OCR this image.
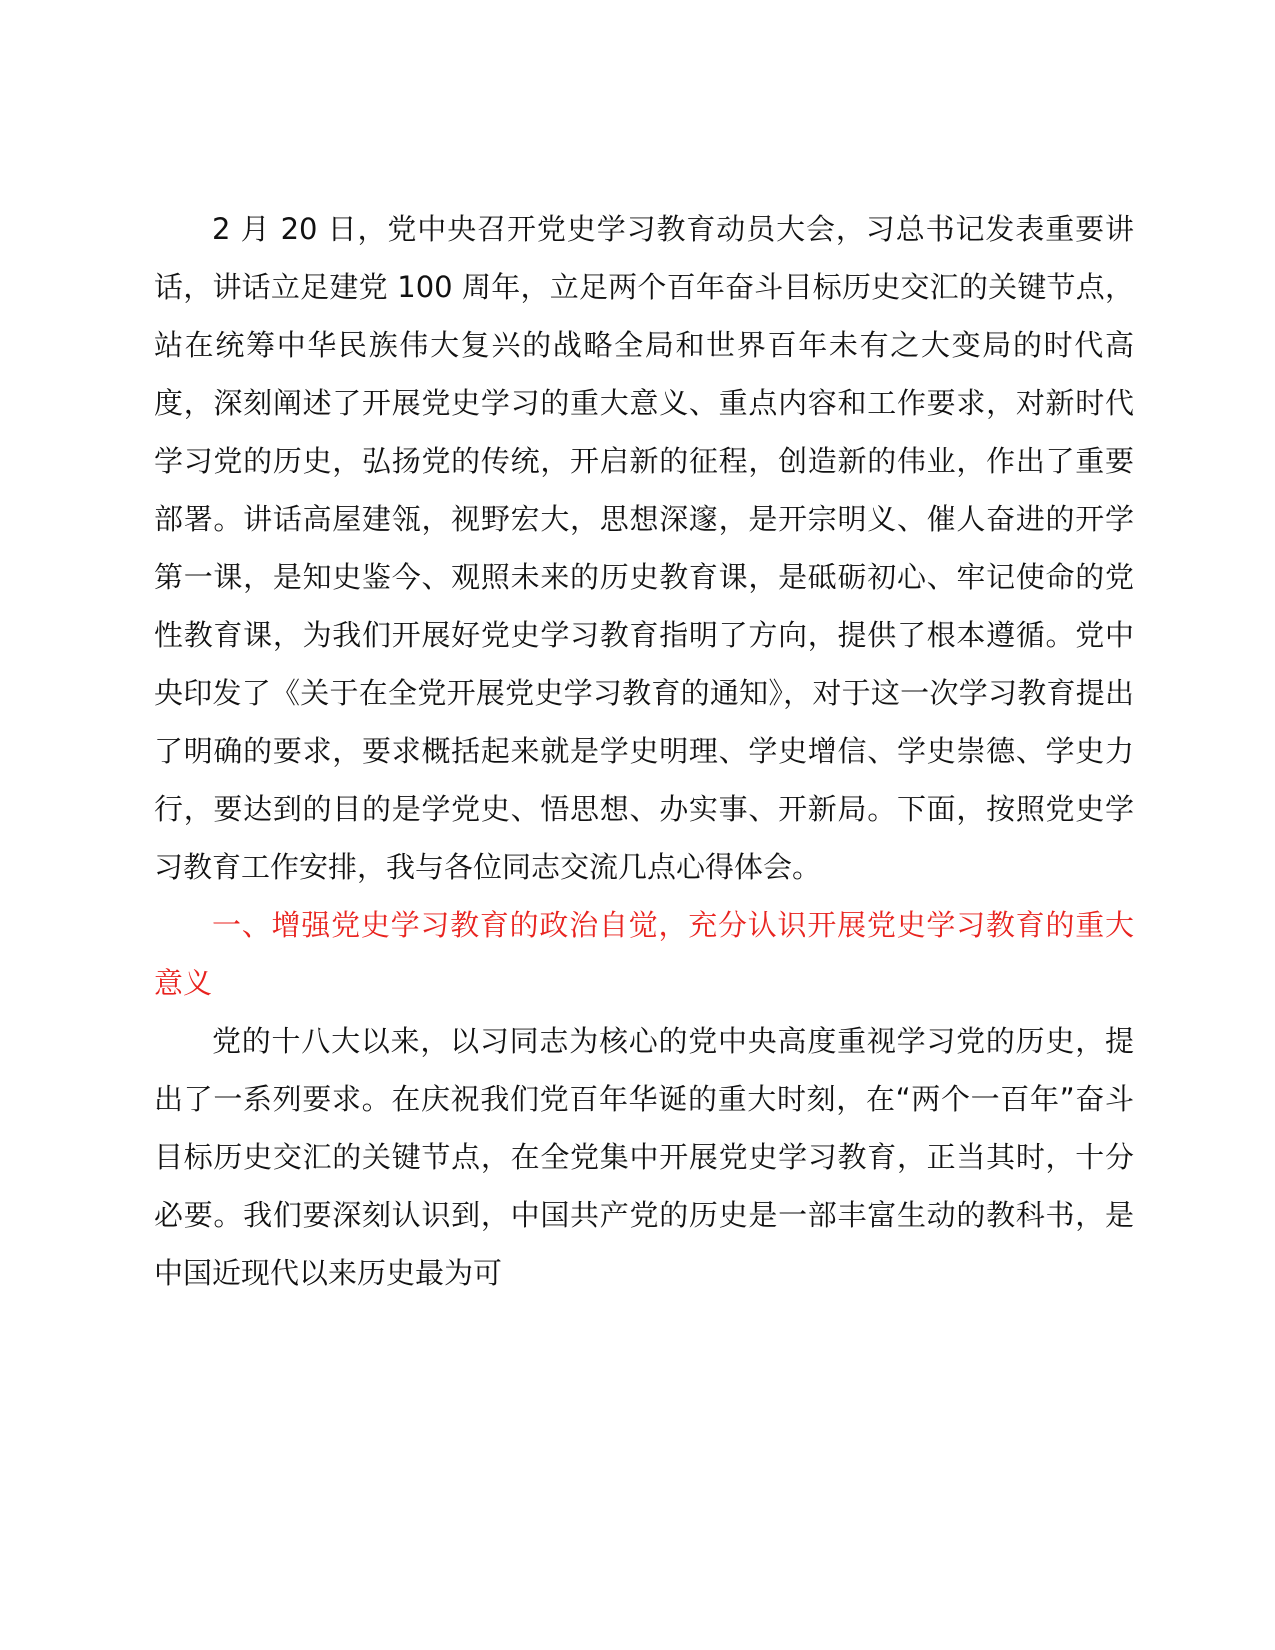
2 月 20 日，党中央召开党史学习教育动员大会，习总书记发表重要讲话，讲话立足建党 100 周年，立足两个百年奋斗目标历史交汇的关键节点，站在统筹中华民族伟大复兴的战略全局和世界百年未有之大变局的时代高度，深刻阐述了开展党史学习的重大意义、重点内容和工作要求，对新时代学习党的历史，弘扬党的传统，开启新的征程，创造新的伟业，作出了重要部署。讲话高屋建瓴，视野宏大，思想深邃，是开宗明义、催人奋进的开学第一课，是知史鉴今、观照未来的历史教育课，是砥砺初心、牢记使命的党性教育课，为我们开展好党史学习教育指明了方向，提供了根本遵循。党中央印发了《关于在全党开展党史学习教育的通知》，对于这一次学习教育提出了明确的要求，要求概括起来就是学史明理、学史增信、学史崇德、学史力行，要达到的目的是学党史、悟思想、办实事、开新局。下面，按照党史学习教育工作安排，我与各位同志交流几点心得体会。

一、增强党史学习教育的政治自觉，充分认识开展党史学习教育的重大意义

党的十八大以来，以习同志为核心的党中央高度重视学习党的历史，提出了一系列要求。在庆祝我们党百年华诞的重大时刻，在“两个一百年”奋斗目标历史交汇的关键节点，在全党集中开展党史学习教育，正当其时，十分必要。我们要深刻认识到，中国共产党的历史是一部丰富生动的教科书，是中国近现代以来历史最为可
